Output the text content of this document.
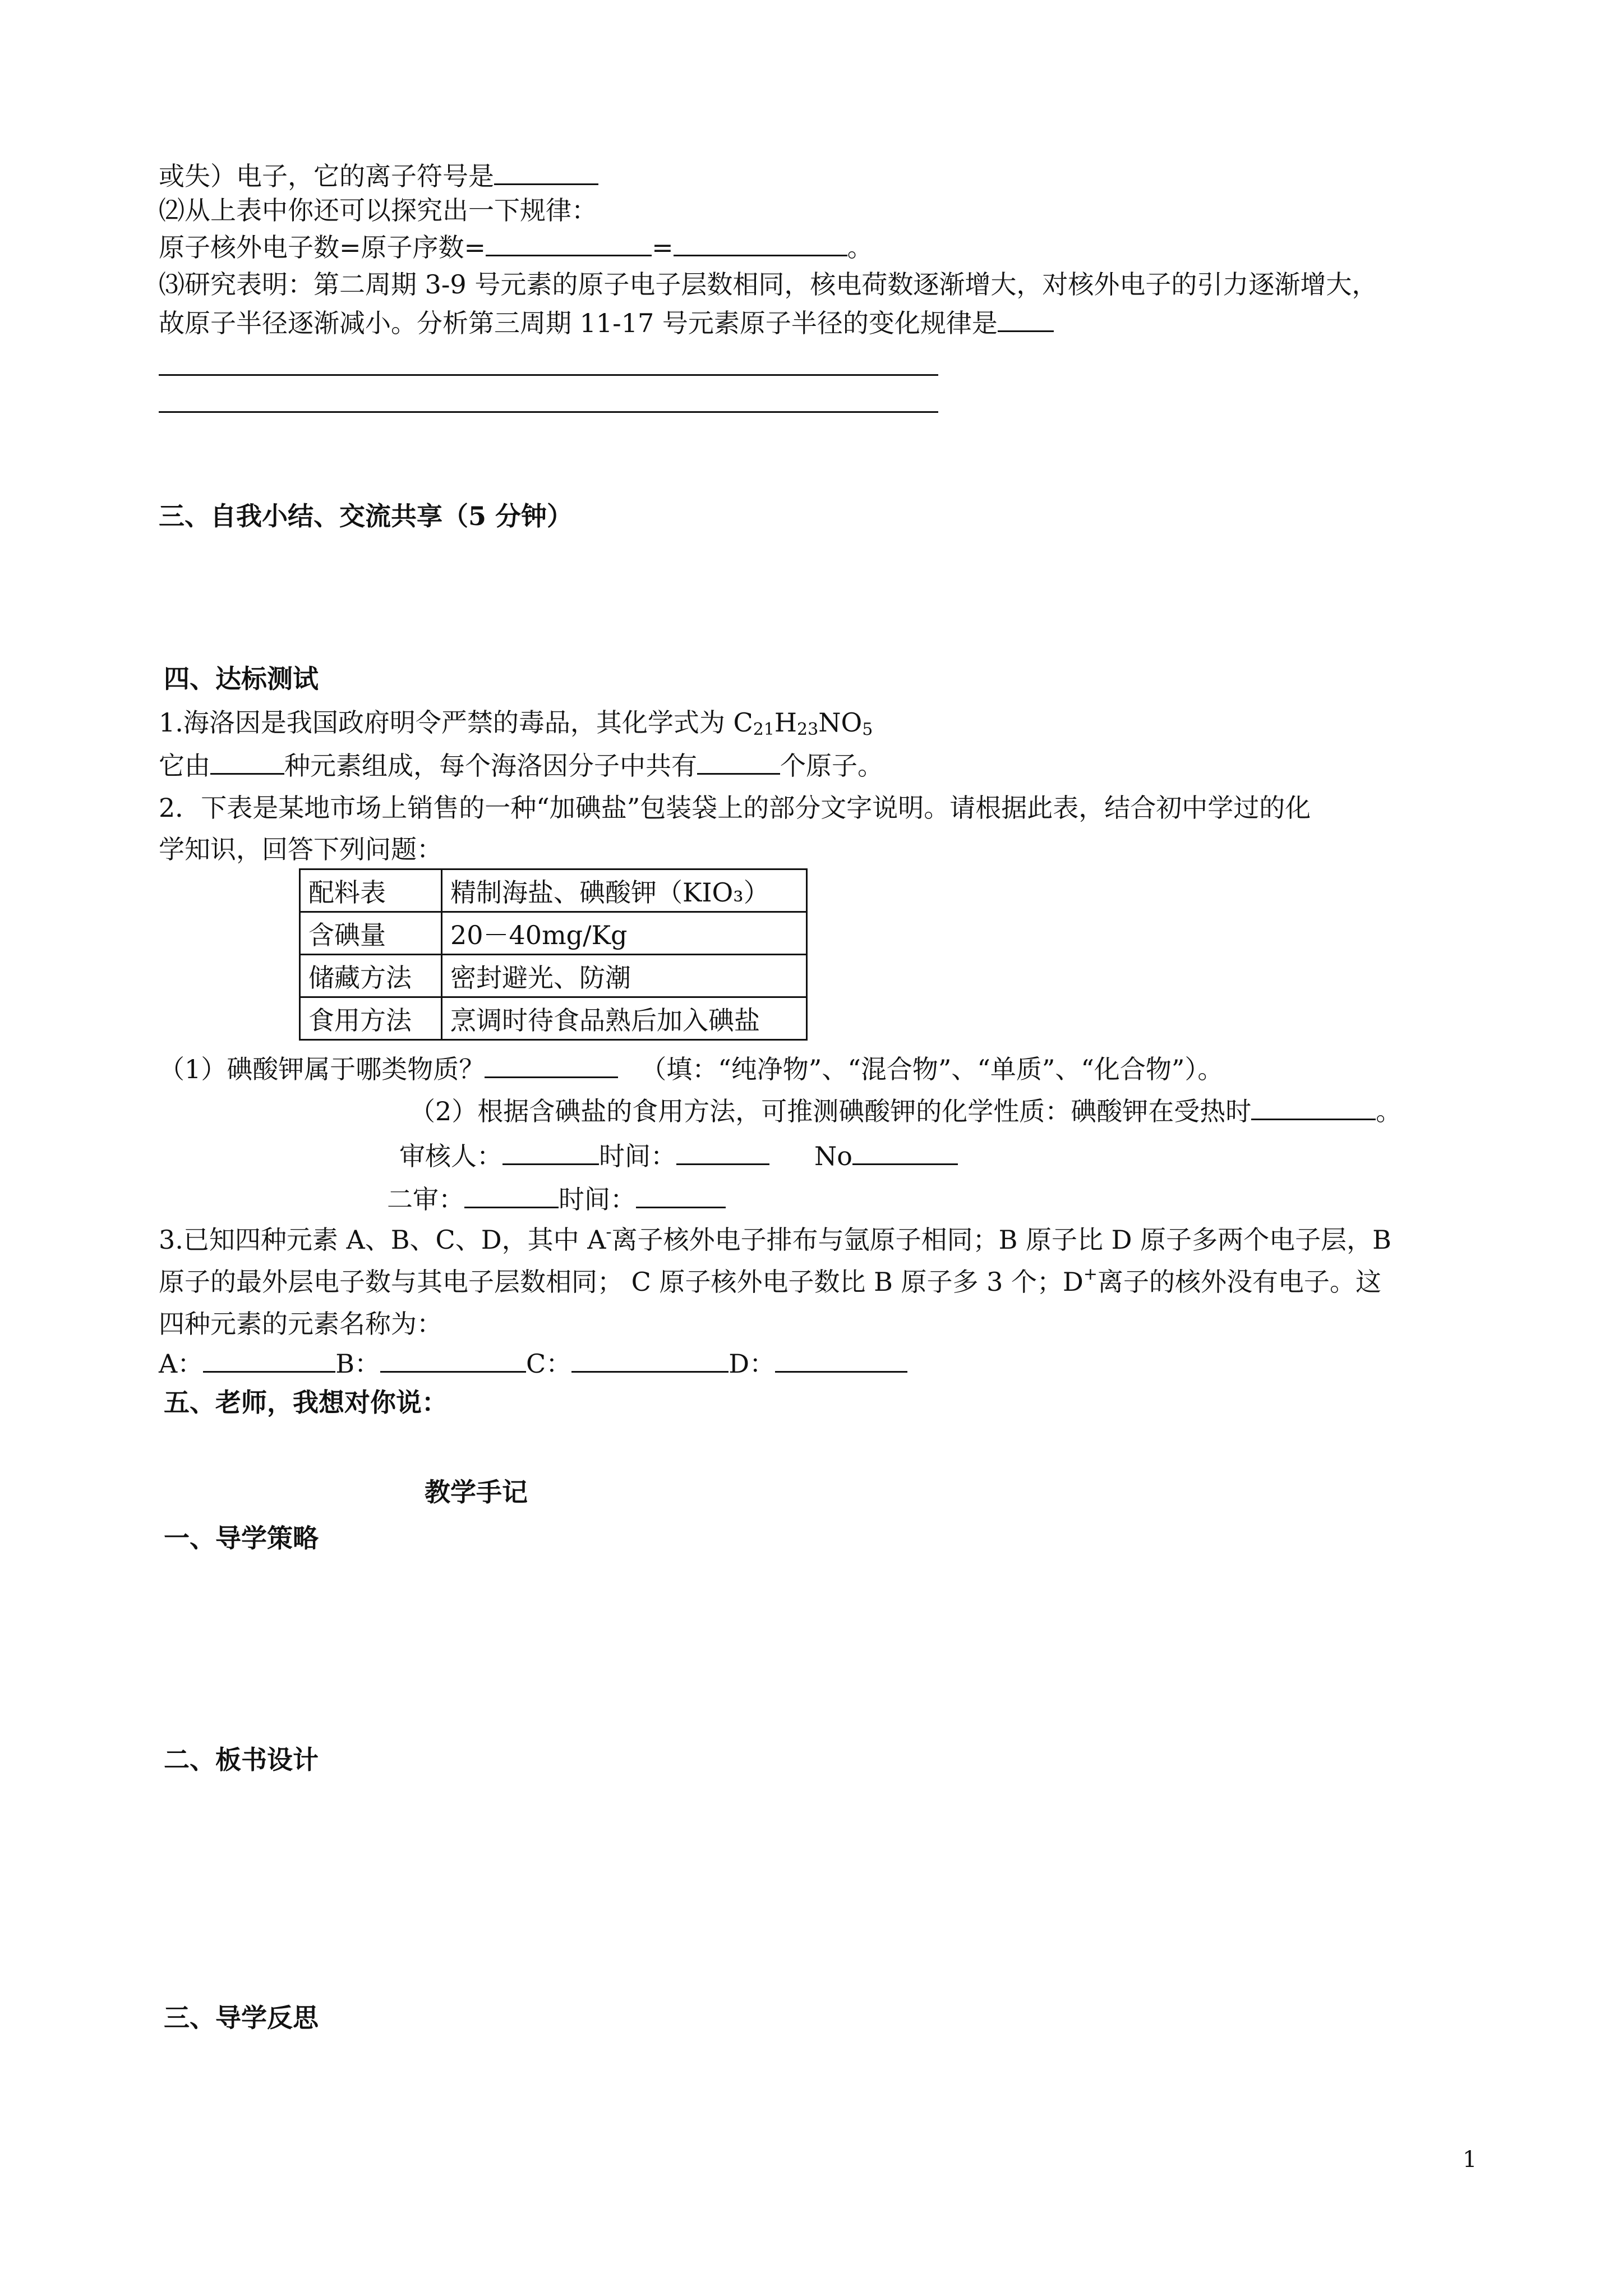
或失）电子，它的离子符号是
⑵从上表中你还可以探究出一下规律：
原子核外电子数=原子序数=	=	。
⑶研究表明：第二周期 3-9 号元素的原子电子层数相同，核电荷数逐渐增大，对核外电子的引力逐渐增大，
故原子半径逐渐减小。分析第三周期 11-17 号元素原子半径的变化规律是
三、自我小结、交流共享（5 分钟）
四、达标测试
1.海洛因是我国政府明令严禁的毒品，其化学式为 $C_{21}H_{23}NO_5$
它由	种元素组成，每个海洛因分子中共有	个原子。
2．下表是某地市场上销售的一种“加碘盐”包装袋上的部分文字说明。请根据此表，结合初中学过的化
学知识，回答下列问题：
配料表	精制海盐、碘酸钾（KIO₃）
含碘量	20－40mg/Kg
储藏方法	密封避光、防潮
食用方法	烹调时待食品熟后加入碘盐
（1）碘酸钾属于哪类物质？	（填：“纯净物”、“混合物”、“单质”、“化合物”）。
（2）根据含碘盐的食用方法，可推测碘酸钾的化学性质：碘酸钾在受热时	。
审核人：	时间：	No
二审：	时间：
3.已知四种元素 A、B、C、D，其中 A-离子核外电子排布与氩原子相同；B 原子比 D 原子多两个电子层，B
原子的最外层电子数与其电子层数相同； C 原子核外电子数比 B 原子多 3 个；D+离子的核外没有电子。这
四种元素的元素名称为：
A：	B：	C：	D：
五、老师，我想对你说：
教学手记
一、导学策略
二、板书设计
三、导学反思
1
